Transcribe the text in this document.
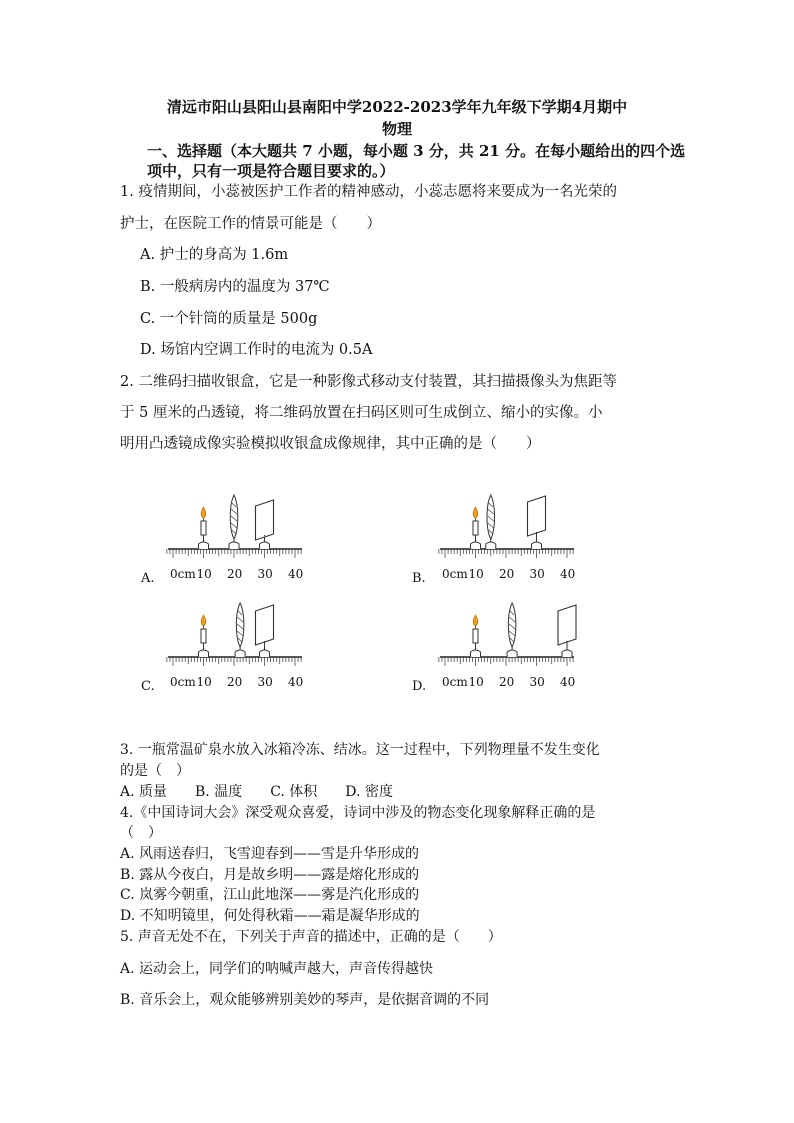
清远市阳山县阳山县南阳中学2022-2023学年九年级下学期4月期中
物理
一、选择题（本大题共 7 小题，每小题 3 分，共 21 分。在每小题给出的四个选
项中，只有一项是符合题目要求的。）
1. 疫情期间，小蕊被医护工作者的精神感动，小蕊志愿将来要成为一名光荣的
护士，在医院工作的情景可能是（　　）
A. 护士的身高为 1.6m
B. 一般病房内的温度为 37℃
C. 一个针筒的质量是 500g
D. 场馆内空调工作时的电流为 0.5A
2. 二维码扫描收银盒，它是一种影像式移动支付装置，其扫描摄像头为焦距等
于 5 厘米的凸透镜，将二维码放置在扫码区则可生成倒立、缩小的实像。小
明用凸透镜成像实验模拟收银盒成像规律，其中正确的是（　　）
A.	B.
C.	D.
0cm 10 20 30 40	0cm 10 20 30 40
0cm 10 20 30 40	0cm 10 20 30 40
3. 一瓶常温矿泉水放入冰箱冷冻、结冰。这一过程中，下列物理量不发生变化
的是（　）
A. 质量　　B. 温度　　C. 体积　　D. 密度
4.《中国诗词大会》深受观众喜爱，诗词中涉及的物态变化现象解释正确的是
（　）
A. 风雨送春归，飞雪迎春到——雪是升华形成的
B. 露从今夜白，月是故乡明——露是熔化形成的
C. 岚雾今朝重，江山此地深——雾是汽化形成的
D. 不知明镜里，何处得秋霜——霜是凝华形成的
5. 声音无处不在，下列关于声音的描述中，正确的是（　　）
A. 运动会上，同学们的呐喊声越大，声音传得越快
B. 音乐会上，观众能够辨别美妙的琴声，是依据音调的不同
